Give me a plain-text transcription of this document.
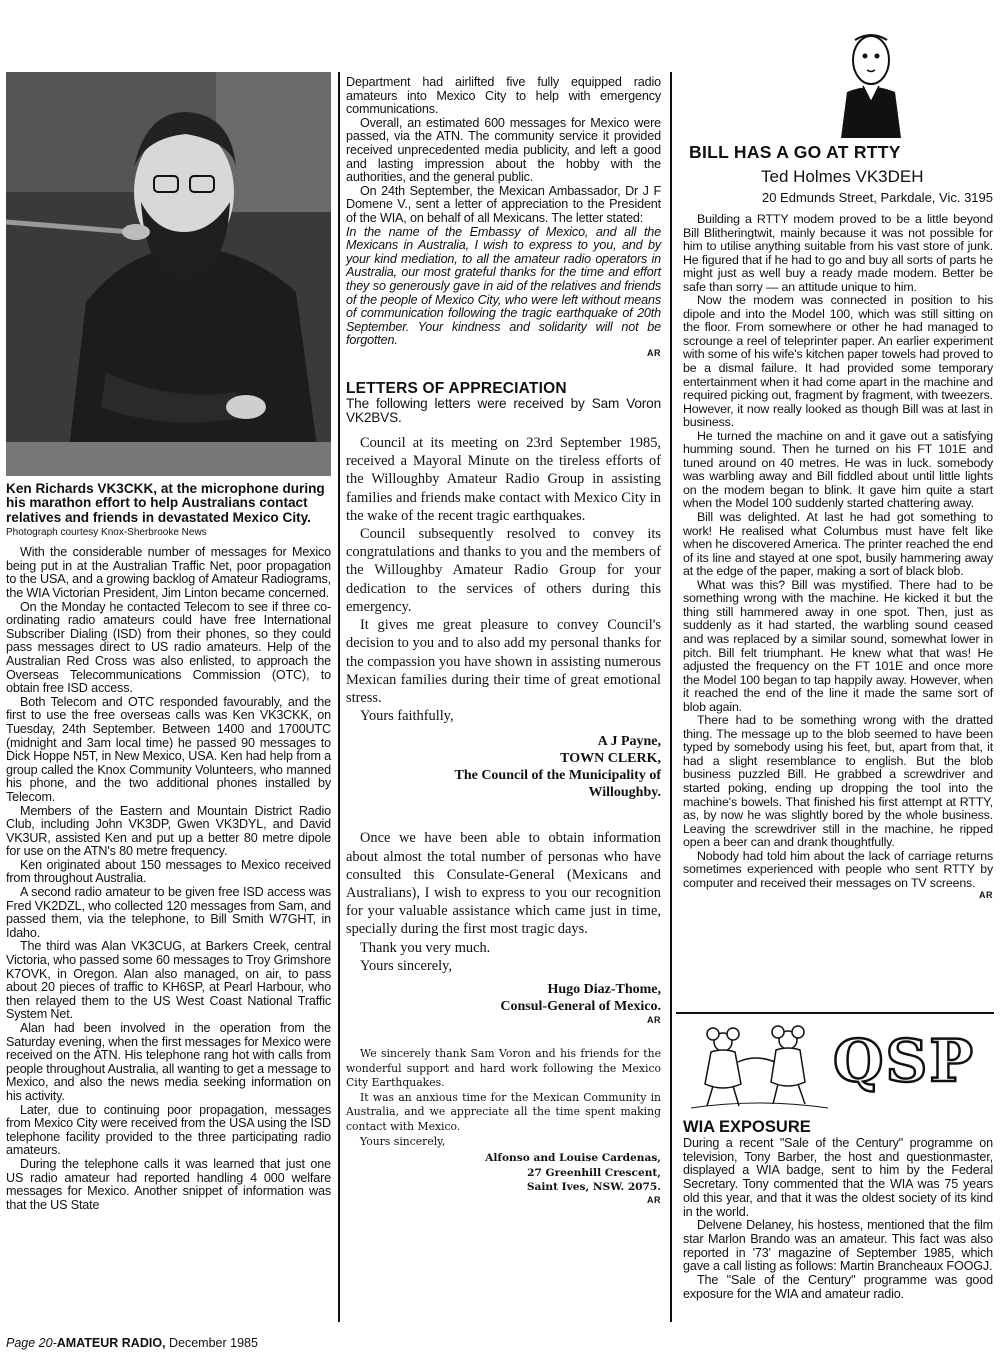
Ken Richards VK3CKK, at the microphone during his marathon effort to help Australians contact relatives and friends in devastated Mexico City.

Photograph courtesy Knox-Sherbrooke News

With the considerable number of messages for Mexico being put in at the Australian Traffic Net, poor propagation to the USA, and a growing backlog of Amateur Radiograms, the WIA Victorian President, Jim Linton became concerned.

On the Monday he contacted Telecom to see if three co-ordinating radio amateurs could have free International Subscriber Dialing (ISD) from their phones, so they could pass messages direct to US radio amateurs. Help of the Australian Red Cross was also enlisted, to approach the Overseas Telecommunications Commission (OTC), to obtain free ISD access.

Both Telecom and OTC responded favourably, and the first to use the free overseas calls was Ken VK3CKK, on Tuesday, 24th September. Between 1400 and 1700UTC (midnight and 3am local time) he passed 90 messages to Dick Hoppe N5T, in New Mexico, USA. Ken had help from a group called the Knox Community Volunteers, who manned his phone, and the two additional phones installed by Telecom.

Members of the Eastern and Mountain District Radio Club, including John VK3DP, Gwen VK3DYL, and David VK3UR, assisted Ken and put up a better 80 metre dipole for use on the ATN's 80 metre frequency.

Ken originated about 150 messages to Mexico received from throughout Australia.

A second radio amateur to be given free ISD access was Fred VK2DZL, who collected 120 messages from Sam, and passed them, via the telephone, to Bill Smith W7GHT, in Idaho.

The third was Alan VK3CUG, at Barkers Creek, central Victoria, who passed some 60 messages to Troy Grimshore K7OVK, in Oregon. Alan also managed, on air, to pass about 20 pieces of traffic to KH6SP, at Pearl Harbour, who then relayed them to the US West Coast National Traffic System Net.

Alan had been involved in the operation from the Saturday evening, when the first messages for Mexico were received on the ATN. His telephone rang hot with calls from people throughout Australia, all wanting to get a message to Mexico, and also the news media seeking information on his activity.

Later, due to continuing poor propagation, messages from Mexico City were received from the USA using the ISD telephone facility provided to the three participating radio amateurs.

During the telephone calls it was learned that just one US radio amateur had reported handling 4 000 welfare messages for Mexico. Another snippet of information was that the US State

Department had airlifted five fully equipped radio amateurs into Mexico City to help with emergency communications.

Overall, an estimated 600 messages for Mexico were passed, via the ATN. The community service it provided received unprecedented media publicity, and left a good and lasting impression about the hobby with the authorities, and the general public.

On 24th September, the Mexican Ambassador, Dr J F Domene V., sent a letter of appreciation to the President of the WIA, on behalf of all Mexicans. The letter stated:

In the name of the Embassy of Mexico, and all the Mexicans in Australia, I wish to express to you, and by your kind mediation, to all the amateur radio operators in Australia, our most grateful thanks for the time and effort they so generously gave in aid of the relatives and friends of the people of Mexico City, who were left without means of communication following the tragic earthquake of 20th September. Your kindness and solidarity will not be forgotten.

AR

LETTERS OF APPRECIATION

The following letters were received by Sam Voron VK2BVS.

Council at its meeting on 23rd September 1985, received a Mayoral Minute on the tireless efforts of the Willoughby Amateur Radio Group in assisting families and friends make contact with Mexico City in the wake of the recent tragic earthquakes.

Council subsequently resolved to convey its congratulations and thanks to you and the members of the Willoughby Amateur Radio Group for your dedication to the services of others during this emergency.

It gives me great pleasure to convey Council's decision to you and to also add my personal thanks for the compassion you have shown in assisting numerous Mexican families during their time of great emotional stress.

Yours faithfully,

A J Payne,
TOWN CLERK,
The Council of the Municipality of
Willoughby.

Once we have been able to obtain information about almost the total number of personas who have consulted this Consulate-General (Mexicans and Australians), I wish to express to you our recognition for your valuable assistance which came just in time, specially during the first most tragic days.

Thank you very much.

Yours sincerely,

Hugo Diaz-Thome,
Consul-General of Mexico.

AR

We sincerely thank Sam Voron and his friends for the wonderful support and hard work following the Mexico City Earthquakes.

It was an anxious time for the Mexican Community in Australia, and we appreciate all the time spent making contact with Mexico.

Yours sincerely,

Alfonso and Louise Cardenas,
27 Greenhill Crescent,
Saint Ives, NSW. 2075.

AR

BILL HAS A GO AT RTTY
Ted Holmes VK3DEH
20 Edmunds Street, Parkdale, Vic. 3195

Building a RTTY modem proved to be a little beyond Bill Blitheringtwit, mainly because it was not possible for him to utilise anything suitable from his vast store of junk. He figured that if he had to go and buy all sorts of parts he might just as well buy a ready made modem. Better be safe than sorry — an attitude unique to him.

Now the modem was connected in position to his dipole and into the Model 100, which was still sitting on the floor. From somewhere or other he had managed to scrounge a reel of teleprinter paper. An earlier experiment with some of his wife's kitchen paper towels had proved to be a dismal failure. It had provided some temporary entertainment when it had come apart in the machine and required picking out, fragment by fragment, with tweezers. However, it now really looked as though Bill was at last in business.

He turned the machine on and it gave out a satisfying humming sound. Then he turned on his FT 101E and tuned around on 40 metres. He was in luck. somebody was warbling away and Bill fiddled about until little lights on the modem began to blink. It gave him quite a start when the Model 100 suddenly started chattering away.

Bill was delighted. At last he had got something to work! He realised what Columbus must have felt like when he discovered America. The printer reached the end of its line and stayed at one spot, busily hammering away at the edge of the paper, making a sort of black blob.

What was this? Bill was mystified. There had to be something wrong with the machine. He kicked it but the thing still hammered away in one spot. Then, just as suddenly as it had started, the warbling sound ceased and was replaced by a similar sound, somewhat lower in pitch. Bill felt triumphant. He knew what that was! He adjusted the frequency on the FT 101E and once more the Model 100 began to tap happily away. However, when it reached the end of the line it made the same sort of blob again.

There had to be something wrong with the dratted thing. The message up to the blob seemed to have been typed by somebody using his feet, but, apart from that, it had a slight resemblance to english. But the blob business puzzled Bill. He grabbed a screwdriver and started poking, ending up dropping the tool into the machine's bowels. That finished his first attempt at RTTY, as, by now he was slightly bored by the whole business. Leaving the screwdriver still in the machine, he ripped open a beer can and drank thoughtfully.

Nobody had told him about the lack of carriage returns sometimes experienced with people who sent RTTY by computer and received their messages on TV screens.

AR

QSP
WIA EXPOSURE

During a recent "Sale of the Century" programme on television, Tony Barber, the host and questionmaster, displayed a WIA badge, sent to him by the Federal Secretary. Tony commented that the WIA was 75 years old this year, and that it was the oldest society of its kind in the world.

Delvene Delaney, his hostess, mentioned that the film star Marlon Brando was an amateur. This fact was also reported in '73' magazine of September 1985, which gave a call listing as follows: Martin Brancheaux FOOGJ.

The "Sale of the Century" programme was good exposure for the WIA and amateur radio.

Page 20-AMATEUR RADIO, December 1985
